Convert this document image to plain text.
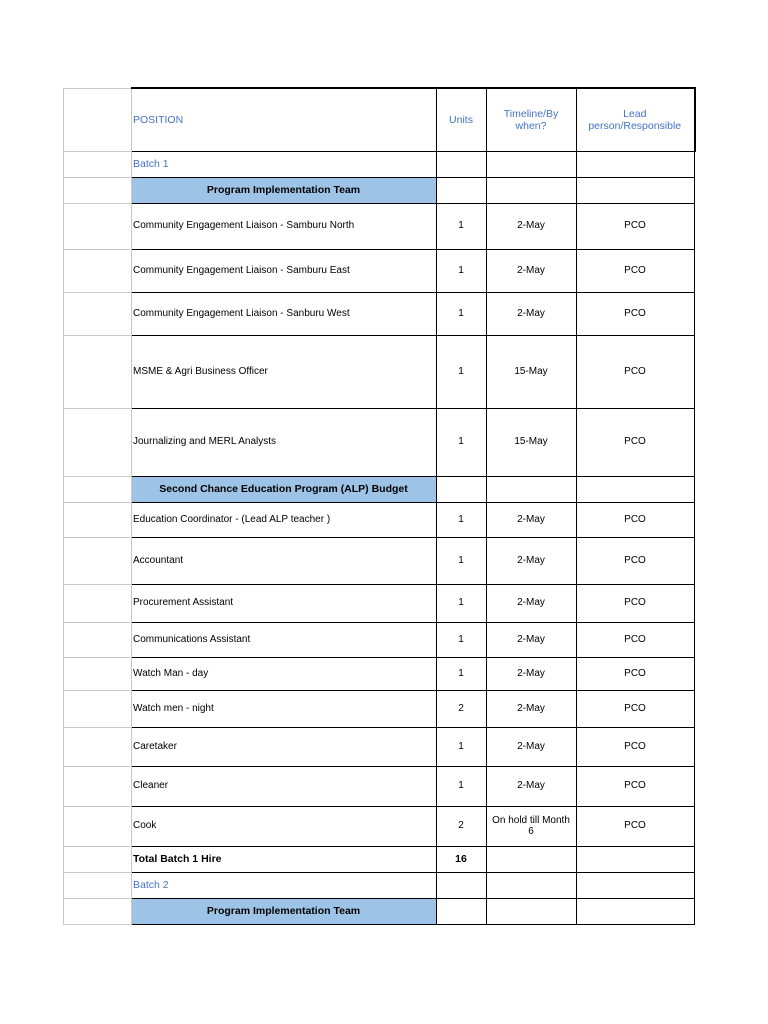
	POSITION	Units	Timeline/By when?	Lead person/Responsible
	Batch 1			
	Program Implementation Team			
	Community Engagement Liaison - Samburu North	1	2-May	PCO
	Community Engagement Liaison - Samburu East	1	2-May	PCO
	Community Engagement Liaison - Sanburu West	1	2-May	PCO
	MSME & Agri Business Officer	1	15-May	PCO
	Journalizing and MERL Analysts	1	15-May	PCO
	Second Chance Education Program (ALP) Budget			
	Education Coordinator - (Lead ALP teacher )	1	2-May	PCO
	Accountant	1	2-May	PCO
	Procurement Assistant	1	2-May	PCO
	Communications Assistant	1	2-May	PCO
	Watch Man - day	1	2-May	PCO
	Watch men - night	2	2-May	PCO
	Caretaker	1	2-May	PCO
	Cleaner	1	2-May	PCO
	Cook	2	On hold till Month 6	PCO
	Total Batch 1 Hire	16		
	Batch 2			
	Program Implementation Team			
